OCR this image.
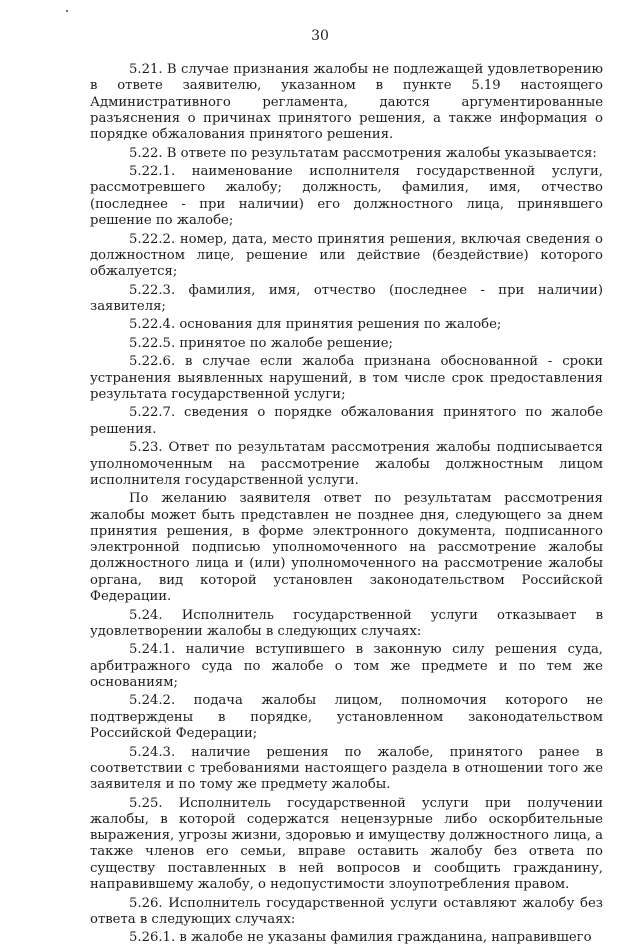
30

5.21. В случае признания жалобы не подлежащей удовлетворению в ответе заявителю, указанном в пункте 5.19 настоящего Административного регламента, даются аргументированные разъяснения о причинах принятого решения, а также информация о порядке обжалования принятого решения.

5.22. В ответе по результатам рассмотрения жалобы указывается:

5.22.1. наименование исполнителя государственной услуги, рассмотревшего жалобу; должность, фамилия, имя, отчество (последнее - при наличии) его должностного лица, принявшего решение по жалобе;

5.22.2. номер, дата, место принятия решения, включая сведения о должностном лице, решение или действие (бездействие) которого обжалуется;

5.22.3. фамилия, имя, отчество (последнее - при наличии) заявителя;

5.22.4. основания для принятия решения по жалобе;

5.22.5. принятое по жалобе решение;

5.22.6. в случае если жалоба признана обоснованной - сроки устранения выявленных нарушений, в том числе срок предоставления результата государственной услуги;

5.22.7. сведения о порядке обжалования принятого по жалобе решения.

5.23. Ответ по результатам рассмотрения жалобы подписывается уполномоченным на рассмотрение жалобы должностным лицом исполнителя государственной услуги.

По желанию заявителя ответ по результатам рассмотрения жалобы может быть представлен не позднее дня, следующего за днем принятия решения, в форме электронного документа, подписанного электронной подписью уполномоченного на рассмотрение жалобы должностного лица и (или) уполномоченного на рассмотрение жалобы органа, вид которой установлен законодательством Российской Федерации.

5.24. Исполнитель государственной услуги отказывает в удовлетворении жалобы в следующих случаях:

5.24.1. наличие вступившего в законную силу решения суда, арбитражного суда по жалобе о том же предмете и по тем же основаниям;

5.24.2. подача жалобы лицом, полномочия которого не подтверждены в порядке, установленном законодательством Российской Федерации;

5.24.3. наличие решения по жалобе, принятого ранее в соответствии с требованиями настоящего раздела в отношении того же заявителя и по тому же предмету жалобы.

5.25. Исполнитель государственной услуги при получении жалобы, в которой содержатся нецензурные либо оскорбительные выражения, угрозы жизни, здоровью и имуществу должностного лица, а также членов его семьи, вправе оставить жалобу без ответа по существу поставленных в ней вопросов и сообщить гражданину, направившему жалобу, о недопустимости злоупотребления правом.

5.26. Исполнитель государственной услуги оставляют жалобу без ответа в следующих случаях:

5.26.1. в жалобе не указаны фамилия гражданина, направившего
